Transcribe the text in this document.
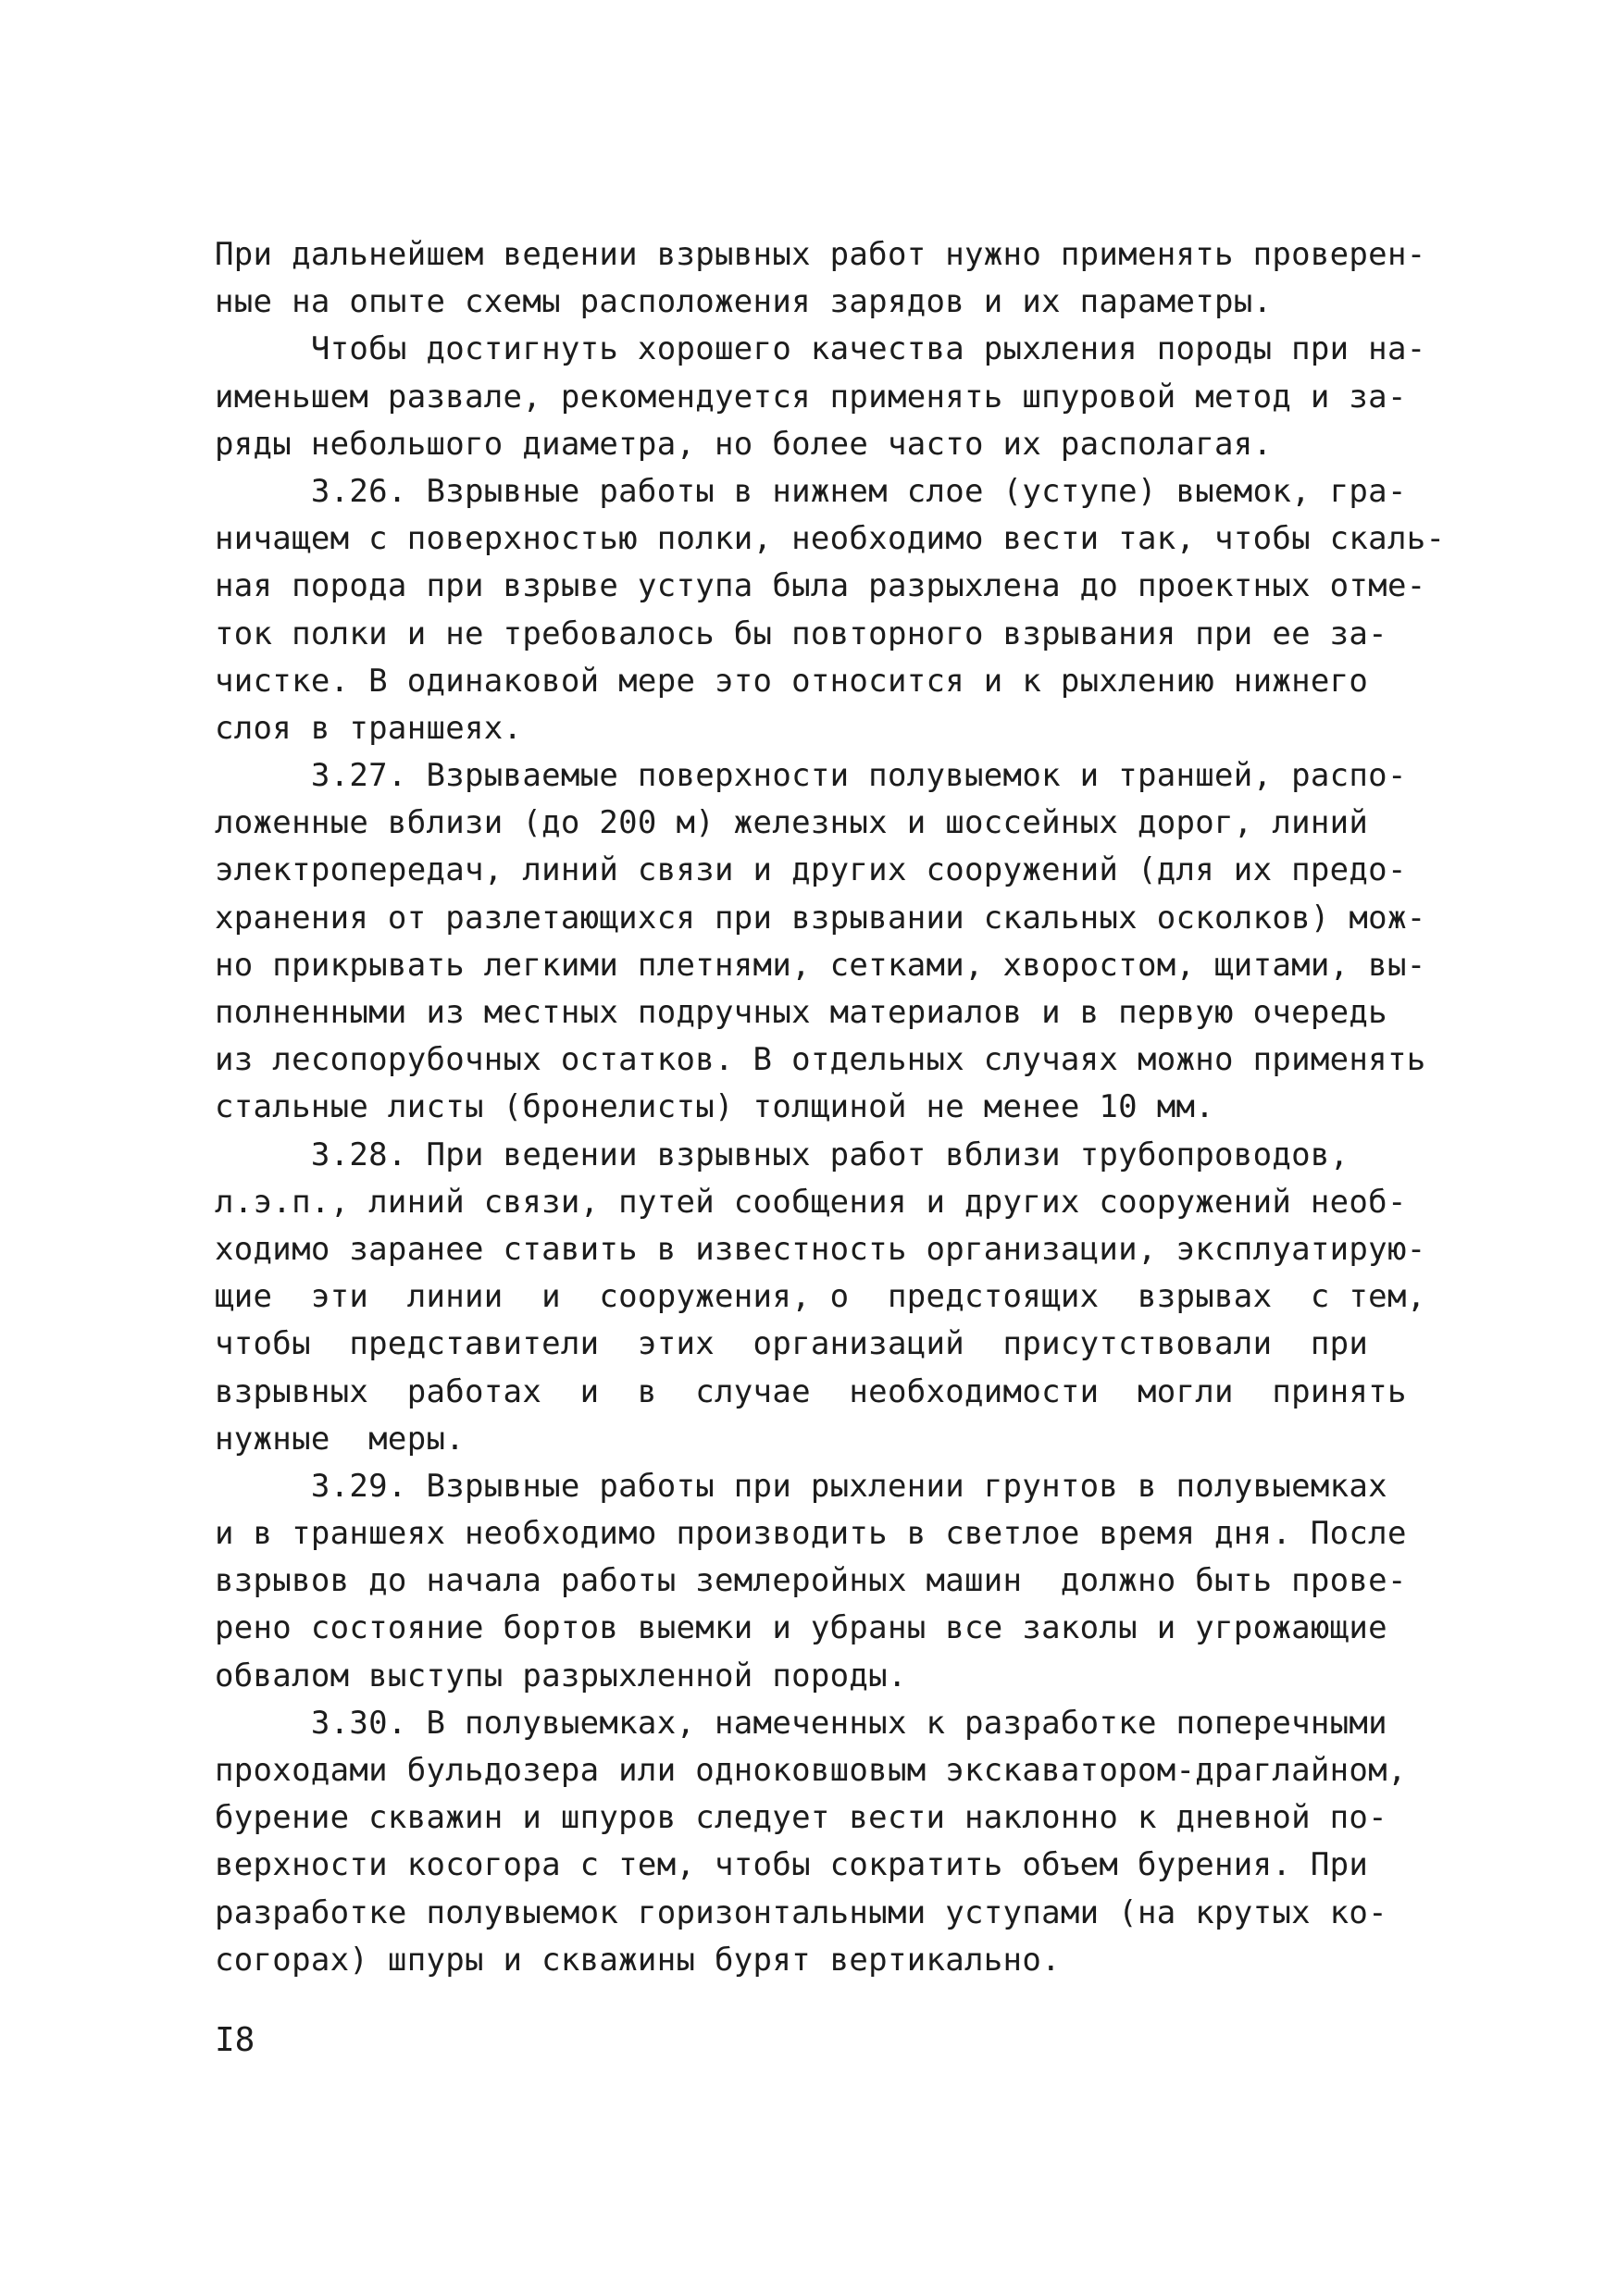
При дальнейшем ведении взрывных работ нужно применять проверен-
ные на опыте схемы расположения зарядов и их параметры.
Чтобы достигнуть хорошего качества рыхления породы при на-
именьшем развале, рекомендуется применять шпуровой метод и за-
ряды небольшого диаметра, но более часто их располагая.
3.26. Взрывные работы в нижнем слое (уступе) выемок, гра-
ничащем с поверхностью полки, необходимо вести так, чтобы скаль-
ная порода при взрыве уступа была разрыхлена до проектных отме-
ток полки и не требовалось бы повторного взрывания при ее за-
чистке. В одинаковой мере это относится и к рыхлению нижнего
слоя в траншеях.
3.27. Взрываемые поверхности полувыемок и траншей, распо-
ложенные вблизи (до 200 м) железных и шоссейных дорог, линий
электропередач, линий связи и других сооружений (для их предо-
хранения от разлетающихся при взрывании скальных осколков) мож-
но прикрывать легкими плетнями, сетками, хворостом, щитами, вы-
полненными из местных подручных материалов и в первую очередь
из лесопорубочных остатков. В отдельных случаях можно применять
стальные листы (бронелисты) толщиной не менее 10 мм.
3.28. При ведении взрывных работ вблизи трубопроводов,
л.э.п., линий связи, путей сообщения и других сооружений необ-
ходимо заранее ставить в известность организации, эксплуатирую-
щие  эти  линии  и  сооружения, о  предстоящих  взрывах  с тем,
чтобы  представители  этих  организаций  присутствовали  при
взрывных  работах  и  в  случае  необходимости  могли  принять
нужные  меры.
3.29. Взрывные работы при рыхлении грунтов в полувыемках
и в траншеях необходимо производить в светлое время дня. После
взрывов до начала работы землеройных машин  должно быть прове-
рено состояние бортов выемки и убраны все заколы и угрожающие
обвалом выступы разрыхленной породы.
3.30. В полувыемках, намеченных к разработке поперечными
проходами бульдозера или одноковшовым экскаватором-драглайном,
бурение скважин и шпуров следует вести наклонно к дневной по-
верхности косогора с тем, чтобы сократить объем бурения. При
разработке полувыемок горизонтальными уступами (на крутых ко-
согорах) шпуры и скважины бурят вертикально.
I8
